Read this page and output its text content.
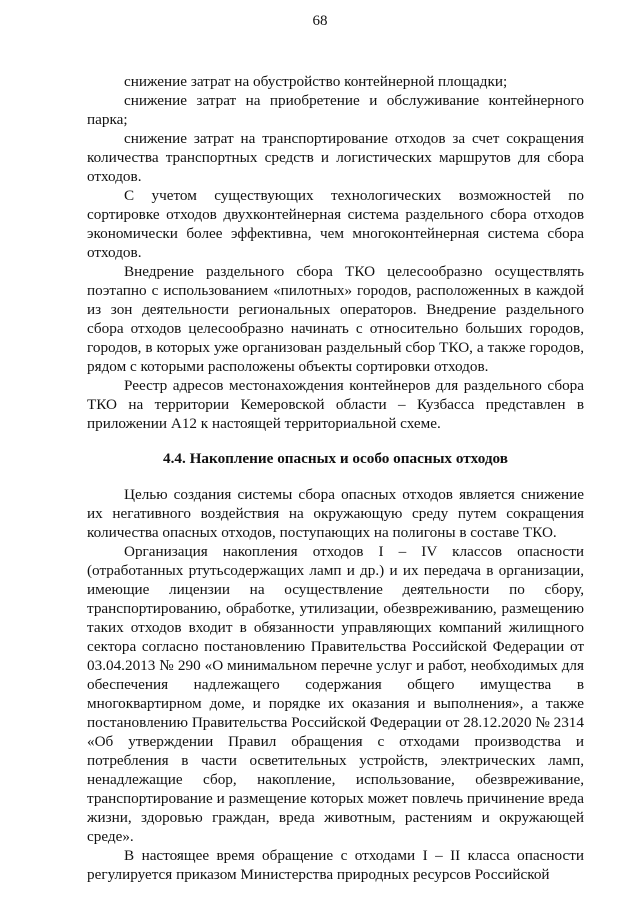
68

снижение затрат на обустройство контейнерной площадки;

снижение затрат на приобретение и обслуживание контейнерного парка;

снижение затрат на транспортирование отходов за счет сокращения количества транспортных средств и логистических маршрутов для сбора отходов.

С учетом существующих технологических возможностей по сортировке отходов двухконтейнерная система раздельного сбора отходов экономически более эффективна, чем многоконтейнерная система сбора отходов.

Внедрение раздельного сбора ТКО целесообразно осуществлять поэтапно с использованием «пилотных» городов, расположенных в каждой из зон деятельности региональных операторов. Внедрение раздельного сбора отходов целесообразно начинать с относительно больших городов, городов, в которых уже организован раздельный сбор ТКО, а также городов, рядом с которыми расположены объекты сортировки отходов.

Реестр адресов местонахождения контейнеров для раздельного сбора ТКО на территории Кемеровской области – Кузбасса представлен в приложении А12 к настоящей территориальной схеме.

4.4. Накопление опасных и особо опасных отходов

Целью создания системы сбора опасных отходов является снижение их негативного воздействия на окружающую среду путем сокращения количества опасных отходов, поступающих на полигоны в составе ТКО.

Организация накопления отходов I – IV классов опасности (отработанных ртутьсодержащих ламп и др.) и их передача в организации, имеющие лицензии на осуществление деятельности по сбору, транспортированию, обработке, утилизации, обезвреживанию, размещению таких отходов входит в обязанности управляющих компаний жилищного сектора согласно постановлению Правительства Российской Федерации от 03.04.2013 № 290 «О минимальном перечне услуг и работ, необходимых для обеспечения надлежащего содержания общего имущества в многоквартирном доме, и порядке их оказания и выполнения», а также постановлению Правительства Российской Федерации от 28.12.2020 № 2314 «Об утверждении Правил обращения с отходами производства и потребления в части осветительных устройств, электрических ламп, ненадлежащие сбор, накопление, использование, обезвреживание, транспортирование и размещение которых может повлечь причинение вреда жизни, здоровью граждан, вреда животным, растениям и окружающей среде».

В настоящее время обращение с отходами I – II класса опасности регулируется приказом Министерства природных ресурсов Российской
